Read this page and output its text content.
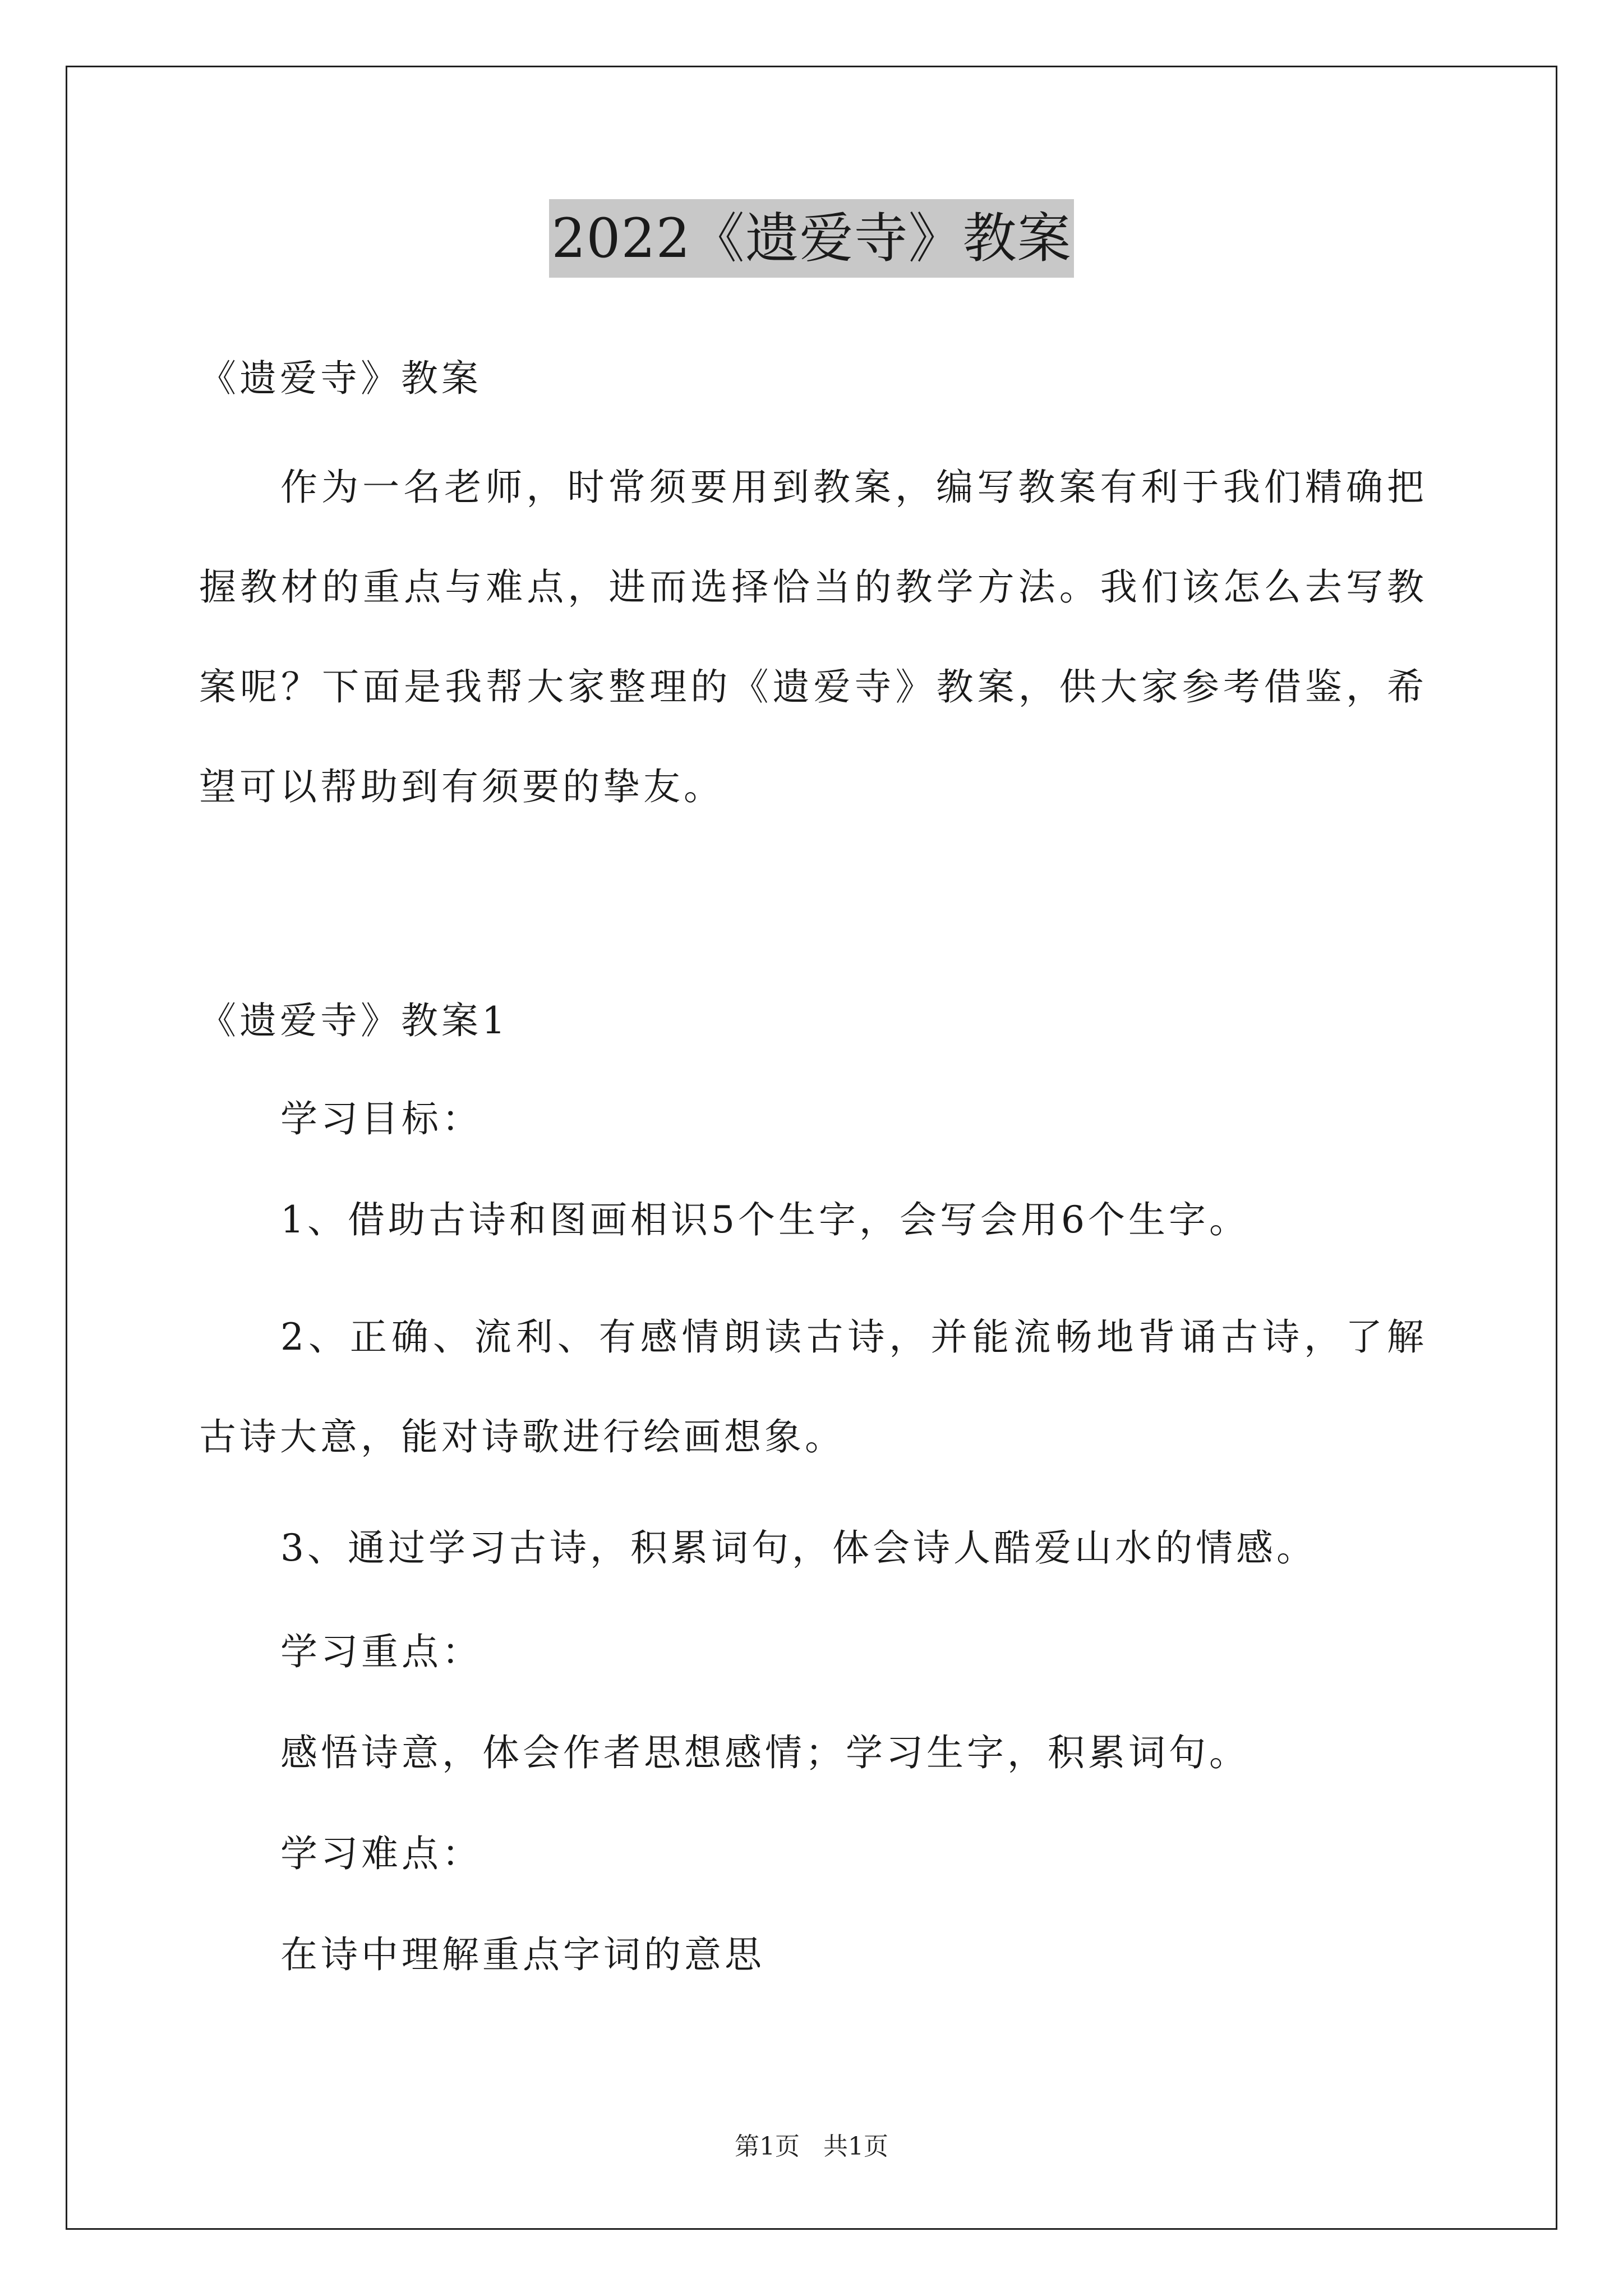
2022《遗爱寺》教案
《遗爱寺》教案
作为一名老师，时常须要用到教案，编写教案有利于我们精确把握教材的重点与难点，进而选择恰当的教学方法。我们该怎么去写教案呢？下面是我帮大家整理的《遗爱寺》教案，供大家参考借鉴，希望可以帮助到有须要的挚友。
《遗爱寺》教案1
学习目标：
1、借助古诗和图画相识5个生字，会写会用6个生字。
2、正确、流利、有感情朗读古诗，并能流畅地背诵古诗，了解古诗大意，能对诗歌进行绘画想象。
3、通过学习古诗，积累词句，体会诗人酷爱山水的情感。
学习重点：
感悟诗意，体会作者思想感情；学习生字，积累词句。
学习难点：
在诗中理解重点字词的意思
第1页 共1页
